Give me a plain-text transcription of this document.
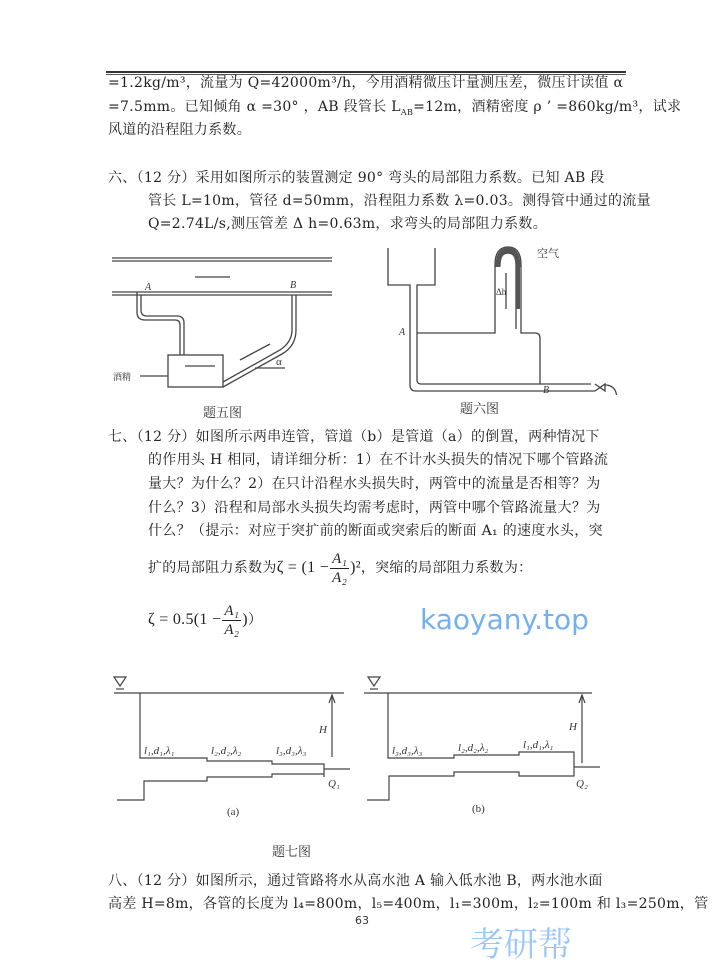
=1.2kg/m³，流量为 Q=42000m³/h，今用酒精微压计量测压差，微压计读值 α
=7.5mm。已知倾角 α =30° ，AB 段管长 $L_{AB}=12m$，酒精密度 ρ ’ =860kg/m³，试求
风道的沿程阻力系数。
六、（12 分）采用如图所示的装置测定 90° 弯头的局部阻力系数。已知 AB 段
管长 L=10m，管径 d=50mm，沿程阻力系数 λ=0.03。测得管中通过的流量
Q=2.74L/s,测压管差 Δ h=0.63m，求弯头的局部阻力系数。
A	B
酒精
α
题五图
A
B
空气
Δh
题六图
七、（12 分）如图所示两串连管，管道（b）是管道（a）的倒置，两种情况下
的作用头 H 相同，请详细分析：1）在不计水头损失的情况下哪个管路流
量大？为什么？2）在只计沿程水头损失时，两管中的流量是否相等？为
什么？3）沿程和局部水头损失均需考虑时，两管中哪个管路流量大？为
什么？（提示：对应于突扩前的断面或突索后的断面 A₁ 的速度水头，突
扩的局部阻力系数为$\zeta = (1 - \frac{\text{A₁}}{\text{A₂}} )^2$，突缩的局部阻力系数为：
$\zeta = 0.5(1 - \frac{\text{A₁}}{\text{A₂}}$ )）	kaoyany.top
H
l₁,d₁,λ₁	l₂,d₂,λ₂	l₃,d₃,λ₃
Q₁
(a)
H
l₃,d₃,λ₃	l₂,d₂,λ₂	l₁,d₁,λ₁
Q₂
(b)
题七图
八、（12 分）如图所示，通过管路将水从高水池 A 输入低水池 B，两水池水面
高差 H=8m，各管的长度为 l₄=800m，l₅=400m，l₁=300m，l₂=100m 和 l₃=250m，管
63
考研帮
